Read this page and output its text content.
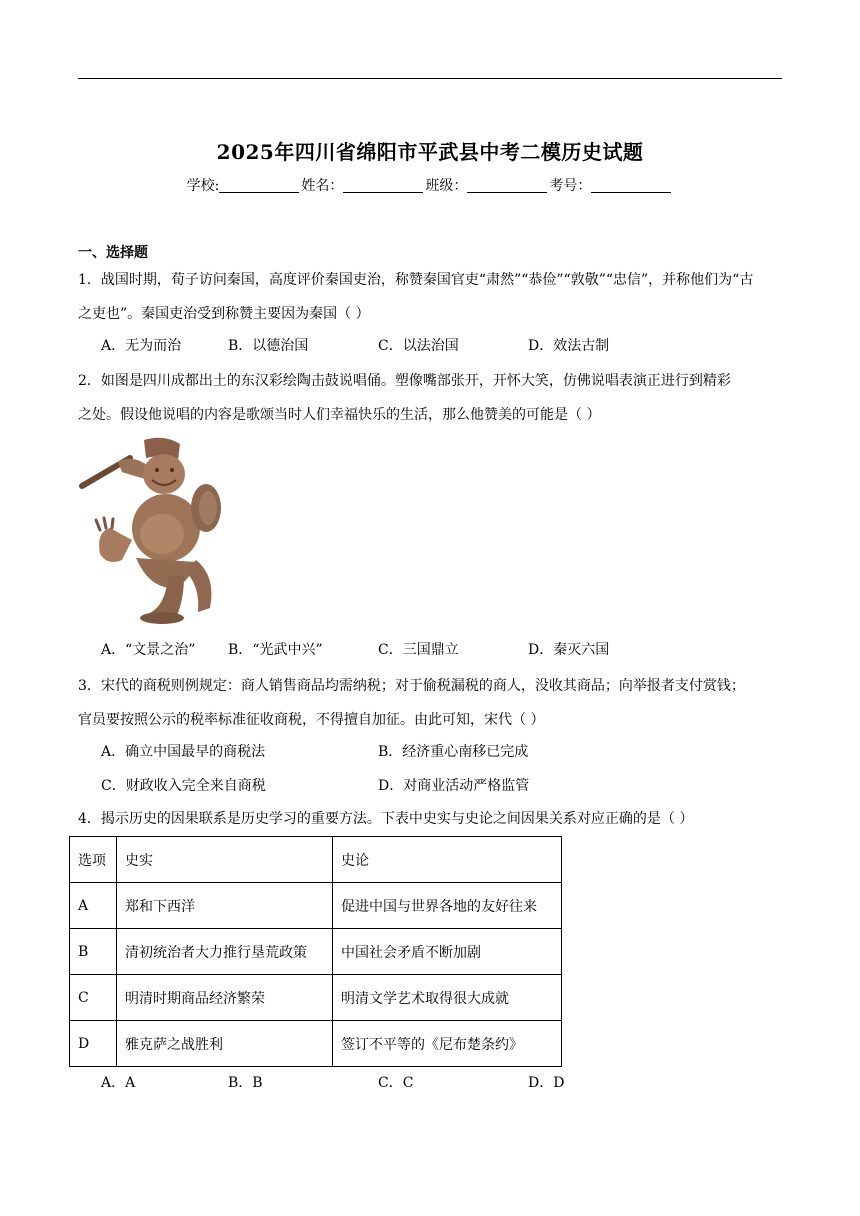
2025年四川省绵阳市平武县中考二模历史试题
学校:	姓名：	班级：	考号：
一、选择题
1．战国时期，荀子访问秦国，高度评价秦国吏治，称赞秦国官吏“肃然”“恭俭”“敦敬”“忠信”，并称他们为“古
之吏也”。秦国吏治受到称赞主要因为秦国（ ）
A．无为而治	B．以德治国	C．以法治国	D．效法古制
2．如图是四川成都出土的东汉彩绘陶击鼓说唱俑。塑像嘴部张开，开怀大笑，仿佛说唱表演正进行到精彩
之处。假设他说唱的内容是歌颂当时人们幸福快乐的生活，那么他赞美的可能是（ ）
A．“文景之治” B．“光武中兴”	C．三国鼎立	D．秦灭六国
3．宋代的商税则例规定：商人销售商品均需纳税；对于偷税漏税的商人，没收其商品；向举报者支付赏钱；
官员要按照公示的税率标准征收商税，不得擅自加征。由此可知，宋代（ ）
A．确立中国最早的商税法	B．经济重心南移已完成
C．财政收入完全来自商税	D．对商业活动严格监管
4．揭示历史的因果联系是历史学习的重要方法。下表中史实与史论之间因果关系对应正确的是（ ）
选项	史实	史论
A	郑和下西洋	促进中国与世界各地的友好往来
B	清初统治者大力推行垦荒政策	中国社会矛盾不断加剧
C	明清时期商品经济繁荣	明清文学艺术取得很大成就
D	雅克萨之战胜利	签订不平等的《尼布楚条约》
A．A	B．B	C．C	D．D
